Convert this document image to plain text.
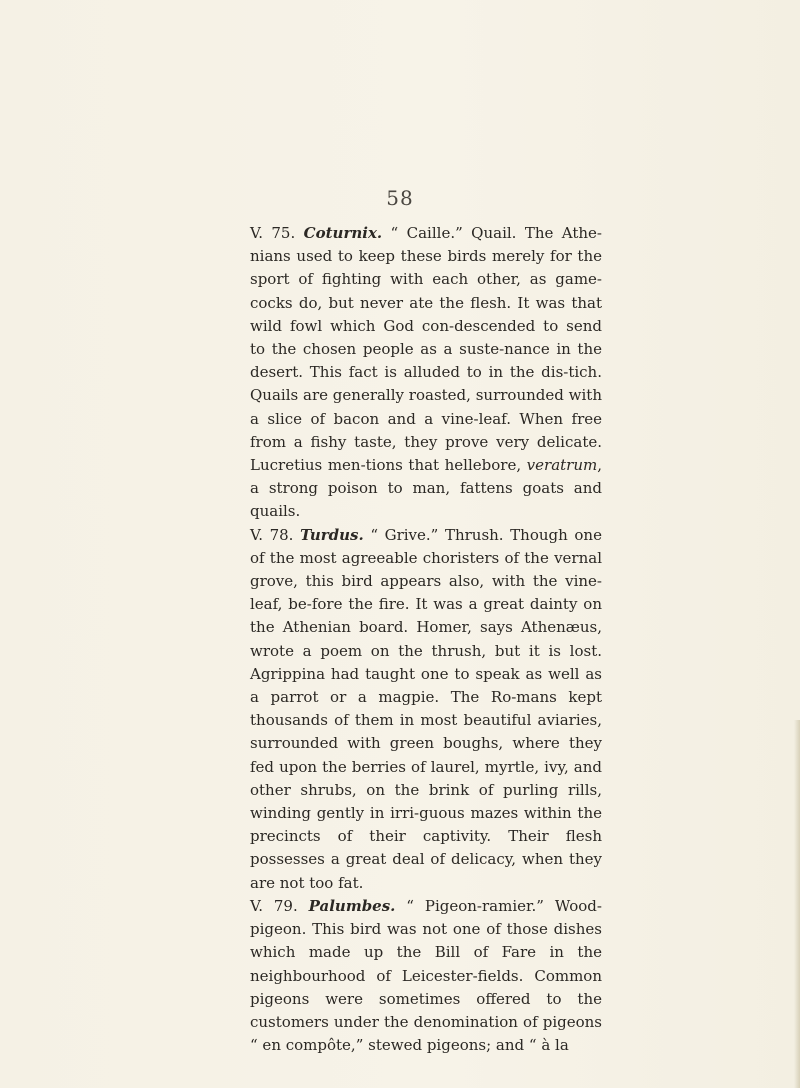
58

V. 75. Coturnix. “ Caille.” Quail. The Athe-nians used to keep these birds merely for the sport of fighting with each other, as game-cocks do, but never ate the flesh. It was that wild fowl which God con-descended to send to the chosen people as a suste-nance in the desert. This fact is alluded to in the dis-tich. Quails are generally roasted, surrounded with a slice of bacon and a vine-leaf. When free from a fishy taste, they prove very delicate. Lucretius men-tions that hellebore, veratrum, a strong poison to man, fattens goats and quails.

V. 78. Turdus. “ Grive.” Thrush. Though one of the most agreeable choristers of the vernal grove, this bird appears also, with the vine-leaf, be-fore the fire. It was a great dainty on the Athenian board. Homer, says Athenæus, wrote a poem on the thrush, but it is lost. Agrippina had taught one to speak as well as a parrot or a magpie. The Ro-mans kept thousands of them in most beautiful aviaries, surrounded with green boughs, where they fed upon the berries of laurel, myrtle, ivy, and other shrubs, on the brink of purling rills, winding gently in irri-guous mazes within the precincts of their captivity. Their flesh possesses a great deal of delicacy, when they are not too fat.

V. 79. Palumbes. “ Pigeon-ramier.” Wood-pigeon. This bird was not one of those dishes which made up the Bill of Fare in the neighbourhood of Leicester-fields. Common pigeons were sometimes offered to the customers under the denomination of pigeons “ en compôte,” stewed pigeons; and “ à la
